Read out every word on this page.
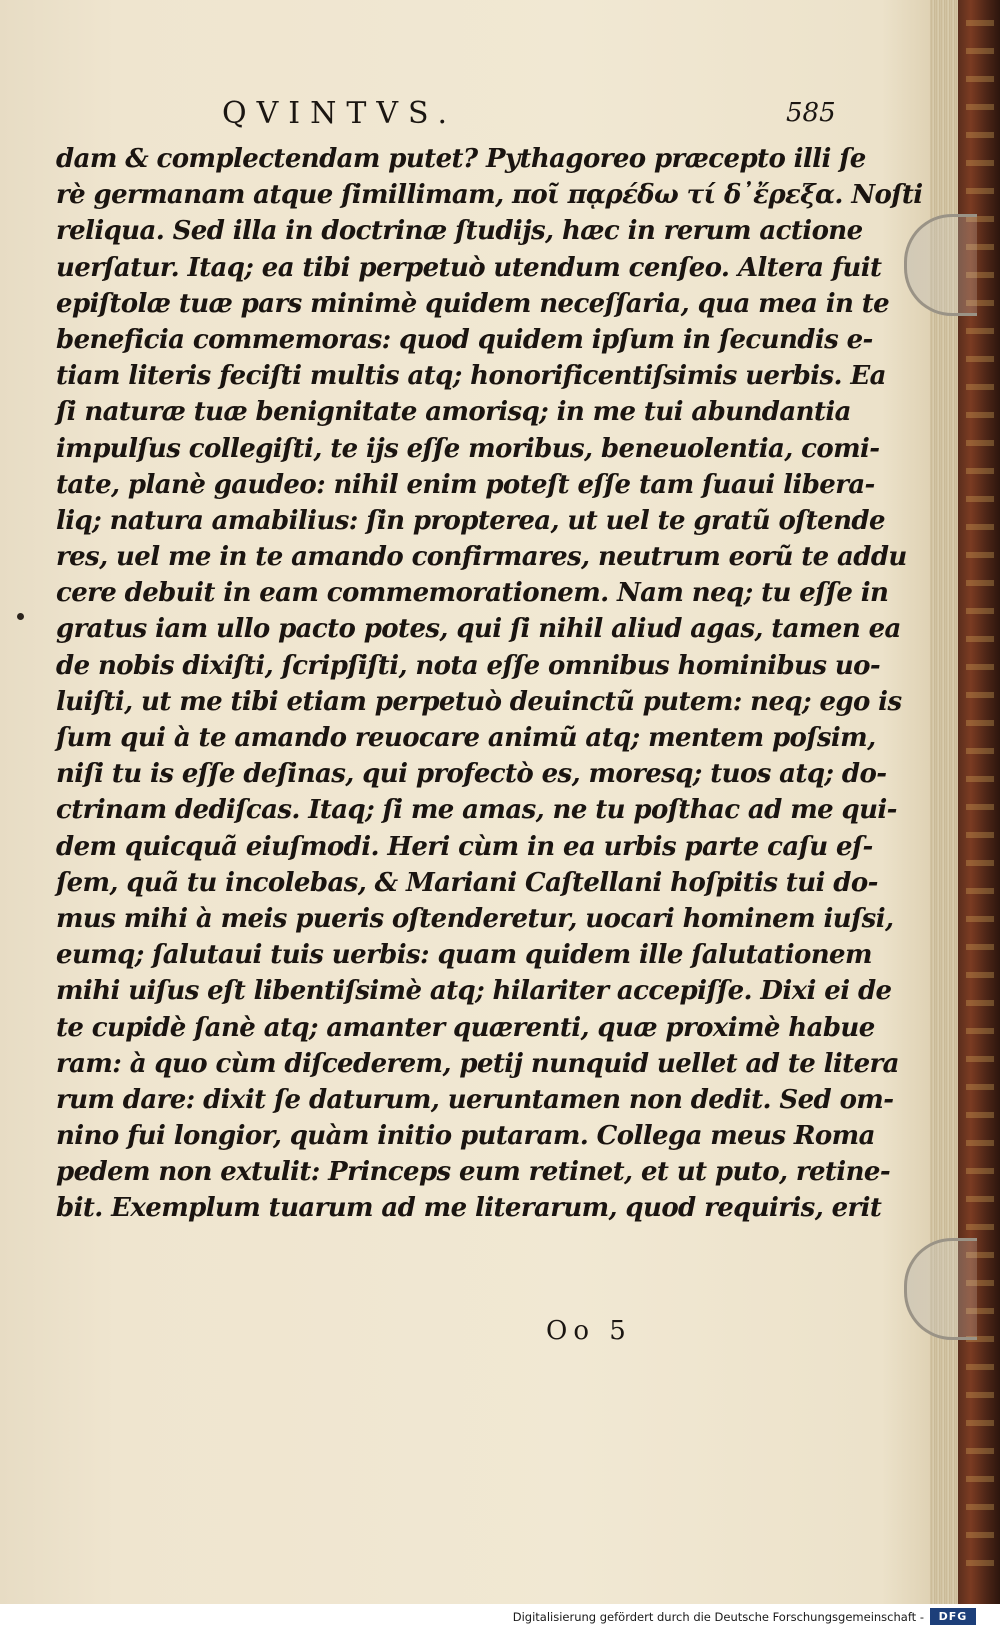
QVINTVS.	585
dam & complectendam putet? Pythagoreo præcepto illi ſe
rè germanam atque ſimillimam, ποῖ πᾳρέδω τί δ᾽ἔρεξα. Noſti
reliqua. Sed illa in doctrinæ ſtudijs, hæc in rerum actione
uerſatur. Itaq; ea tibi perpetuò utendum cenſeo. Altera fuit
epiſtolæ tuæ pars minimè quidem neceſſaria, qua mea in te
beneficia commemoras: quod quidem ipſum in ſecundis e-
tiam literis feciſti multis atq; honorificentiſsimis uerbis. Ea
ſi naturæ tuæ benignitate amorisq; in me tui abundantia
impulſus collegiſti, te ijs eſſe moribus, beneuolentia, comi-
tate, planè gaudeo: nihil enim poteſt eſſe tam ſuaui libera-
liq; natura amabilius: ſin propterea, ut uel te gratũ oſtende
res, uel me in te amando confirmares, neutrum eorũ te addu
cere debuit in eam commemorationem. Nam neq; tu eſſe in
gratus iam ullo pacto potes, qui ſi nihil aliud agas, tamen ea
de nobis dixiſti, ſcripſiſti, nota eſſe omnibus hominibus uo-
luiſti, ut me tibi etiam perpetuò deuinctũ putem: neq; ego is
ſum qui à te amando reuocare animũ atq; mentem poſsim,
niſi tu is eſſe deſinas, qui profectò es, moresq; tuos atq; do-
ctrinam dediſcas. Itaq; ſi me amas, ne tu poſthac ad me qui-
dem quicquã eiuſmodi. Heri cùm in ea urbis parte caſu eſ-
ſem, quã tu incolebas, & Mariani Caſtellani hoſpitis tui do-
mus mihi à meis pueris oſtenderetur, uocari hominem iuſsi,
eumq; ſalutaui tuis uerbis: quam quidem ille ſalutationem
mihi uiſus eſt libentiſsimè atq; hilariter accepiſſe. Dixi ei de
te cupidè ſanè atq; amanter quærenti, quæ proximè habue
ram: à quo cùm diſcederem, petij nunquid uellet ad te litera
rum dare: dixit ſe daturum, ueruntamen non dedit. Sed om-
nino fui longior, quàm initio putaram. Collega meus Roma
pedem non extulit: Princeps eum retinet, et ut puto, retine-
bit. Exemplum tuarum ad me literarum, quod requiris, erit
Oo 5
Digitalisierung gefördert durch die Deutsche Forschungsgemeinschaft -	DFG
